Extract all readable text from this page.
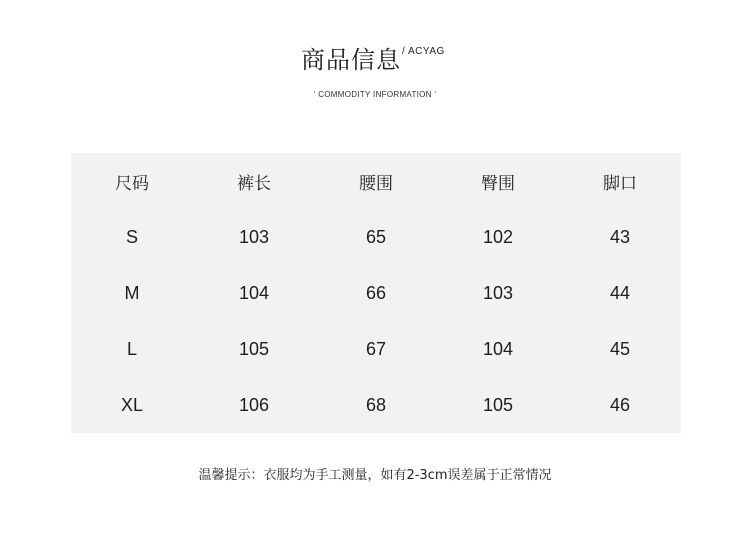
商品信息 / ACYAG
‘ COMMODITY INFORMATION ’
尺码	裤长	腰围	臀围	脚口
S	103	65	102	43
M	104	66	103	44
L	105	67	104	45
XL	106	68	105	46
温馨提示：衣服均为手工测量，如有2-3cm误差属于正常情况
